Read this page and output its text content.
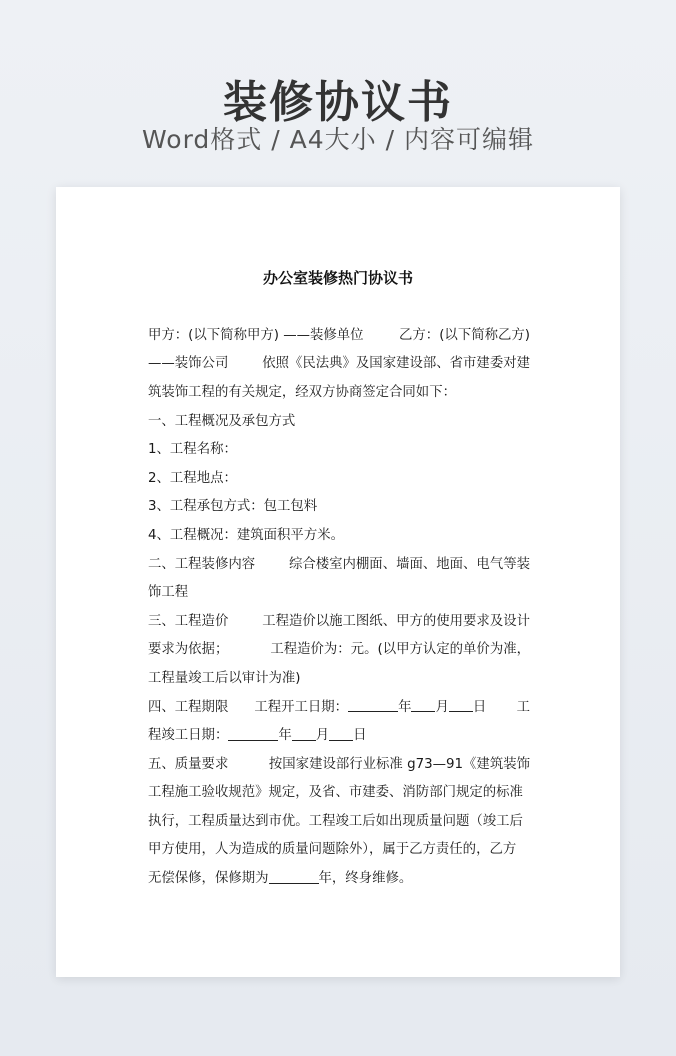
装修协议书
Word格式 / A4大小 / 内容可编辑
办公室装修热门协议书
甲方：(以下简称甲方) ——装修单位	乙方：(以下简称乙方)
——装饰公司	依照《民法典》及国家建设部、省市建委对建
筑装饰工程的有关规定，经双方协商签定合同如下：
一、工程概况及承包方式
1、工程名称：
2、工程地点：
3、工程承包方式：包工包料
4、工程概况：建筑面积平方米。
二、工程装修内容	综合楼室内棚面、墙面、地面、电气等装
饰工程
三、工程造价	工程造价以施工图纸、甲方的使用要求及设计
要求为依据；	工程造价为：元。(以甲方认定的单价为准，
工程量竣工后以审计为准)
四、工程期限 工程开工日期：	年 月 日 工
程竣工日期：	年 月 日
五、质量要求	按国家建设部行业标准 g73—91《建筑装饰
工程施工验收规范》规定，及省、市建委、消防部门规定的标准
执行，工程质量达到市优。工程竣工后如出现质量问题（竣工后
甲方使用，人为造成的质量问题除外），属于乙方责任的，乙方
无偿保修，保修期为	年，终身维修。
